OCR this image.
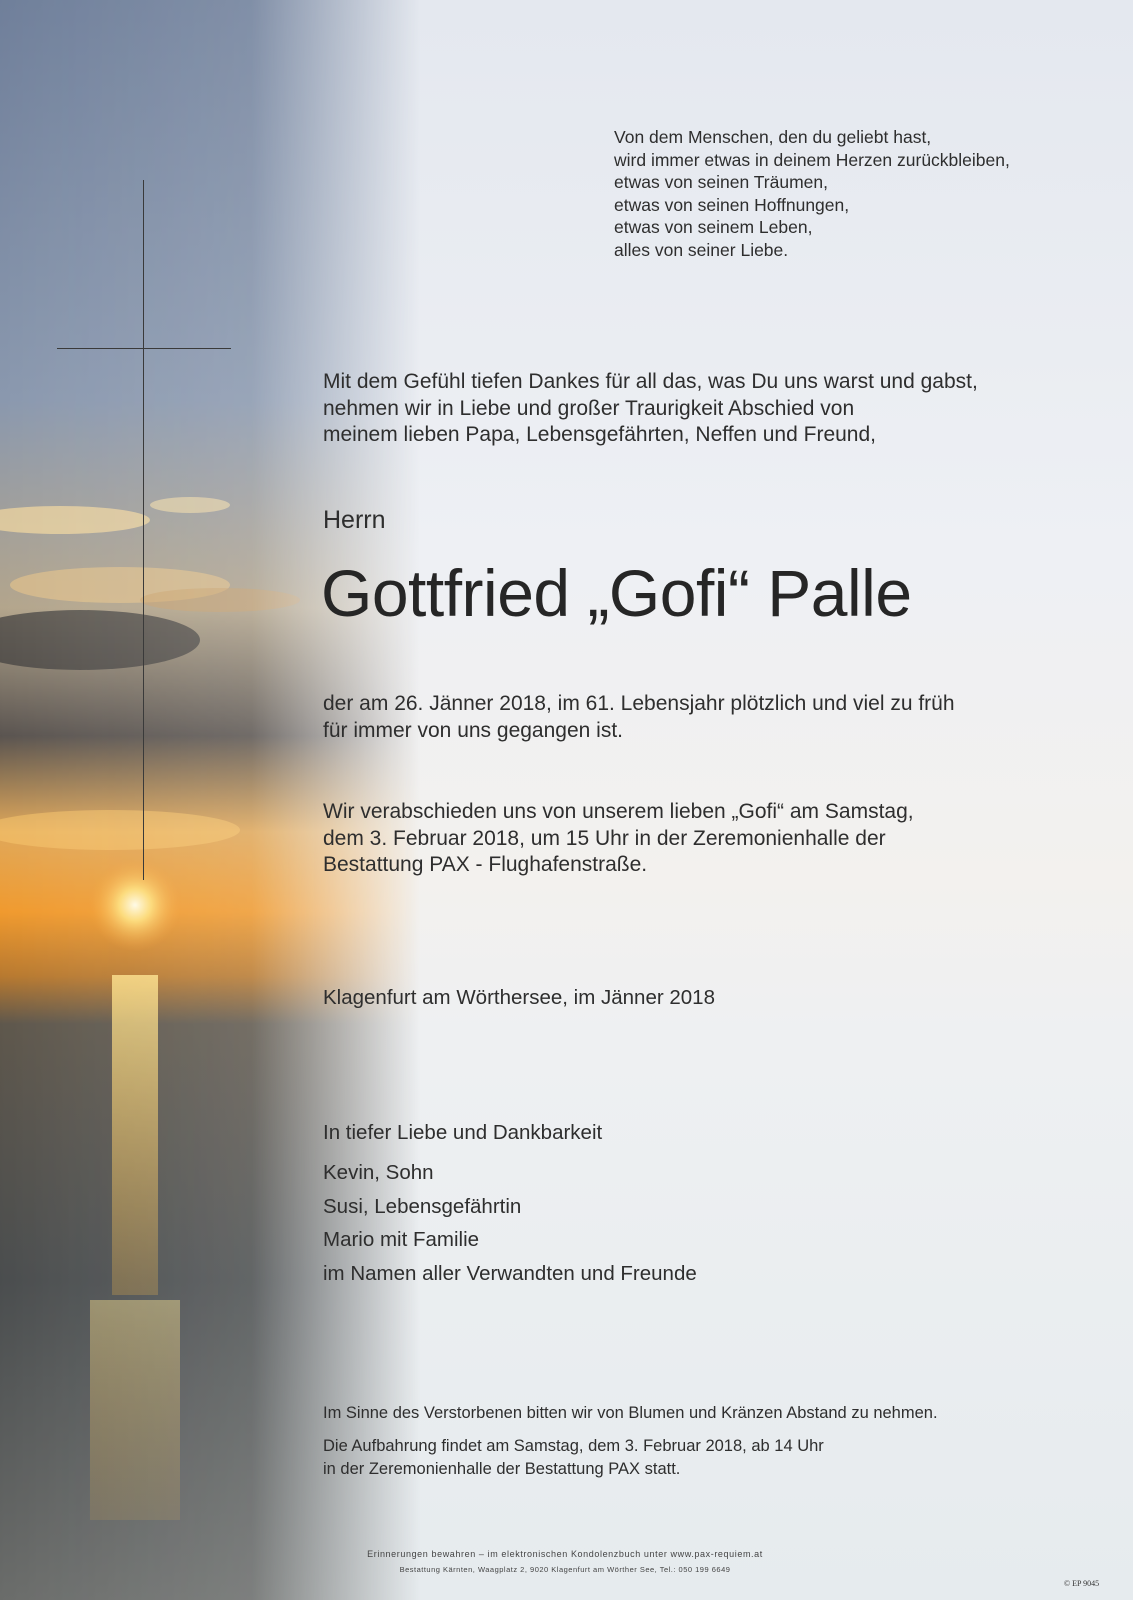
Von dem Menschen, den du geliebt hast,
wird immer etwas in deinem Herzen zurückbleiben,
etwas von seinen Träumen,
etwas von seinen Hoffnungen,
etwas von seinem Leben,
alles von seiner Liebe.
Mit dem Gefühl tiefen Dankes für all das, was Du uns warst und gabst,
nehmen wir in Liebe und großer Traurigkeit Abschied von
meinem lieben Papa, Lebensgefährten, Neffen und Freund,
Herrn
Gottfried „Gofi“ Palle
der am 26. Jänner 2018, im 61. Lebensjahr plötzlich und viel zu früh
für immer von uns gegangen ist.
Wir verabschieden uns von unserem lieben „Gofi“ am Samstag,
dem 3. Februar 2018, um 15 Uhr in der Zeremonienhalle der
Bestattung PAX - Flughafenstraße.
Klagenfurt am Wörthersee, im Jänner 2018
In tiefer Liebe und Dankbarkeit
Kevin, Sohn
Susi, Lebensgefährtin
Mario mit Familie
im Namen aller Verwandten und Freunde
Im Sinne des Verstorbenen bitten wir von Blumen und Kränzen Abstand zu nehmen.
Die Aufbahrung findet am Samstag, dem 3. Februar 2018, ab 14 Uhr
in der Zeremonienhalle der Bestattung PAX statt.
Erinnerungen bewahren – im elektronischen Kondolenzbuch unter www.pax-requiem.at
Bestattung Kärnten, Waagplatz 2, 9020 Klagenfurt am Wörther See, Tel.: 050 199 6649
© EP 9045
